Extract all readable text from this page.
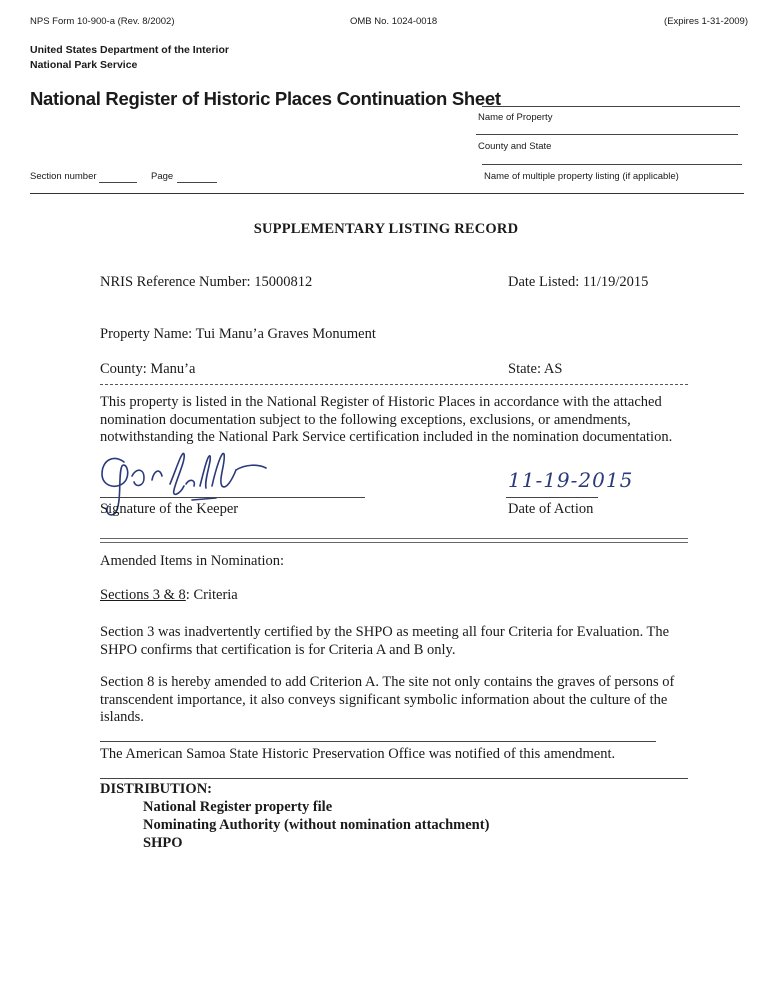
NPS Form 10-900-a (Rev. 8/2002)	OMB No. 1024-0018	(Expires 1-31-2009)
United States Department of the Interior
National Park Service
National Register of Historic Places Continuation Sheet
Name of Property
County and State
Name of multiple property listing (if applicable)
Section number	Page
SUPPLEMENTARY LISTING RECORD
NRIS Reference Number: 15000812	Date Listed: 11/19/2015
Property Name: Tui Manu’a Graves Monument
County: Manu’a	State: AS
This property is listed in the National Register of Historic Places in accordance with the attached nomination documentation subject to the following exceptions, exclusions, or amendments, notwithstanding the National Park Service certification included in the nomination documentation.
Signature of the Keeper
11-19-2015
Date of Action
Amended Items in Nomination:
Sections 3 & 8: Criteria
Section 3 was inadvertently certified by the SHPO as meeting all four Criteria for Evaluation. The SHPO confirms that certification is for Criteria A and B only.
Section 8 is hereby amended to add Criterion A. The site not only contains the graves of persons of transcendent importance, it also conveys significant symbolic information about the culture of the islands.
The American Samoa State Historic Preservation Office was notified of this amendment.
DISTRIBUTION:
National Register property file
Nominating Authority (without nomination attachment)
SHPO
